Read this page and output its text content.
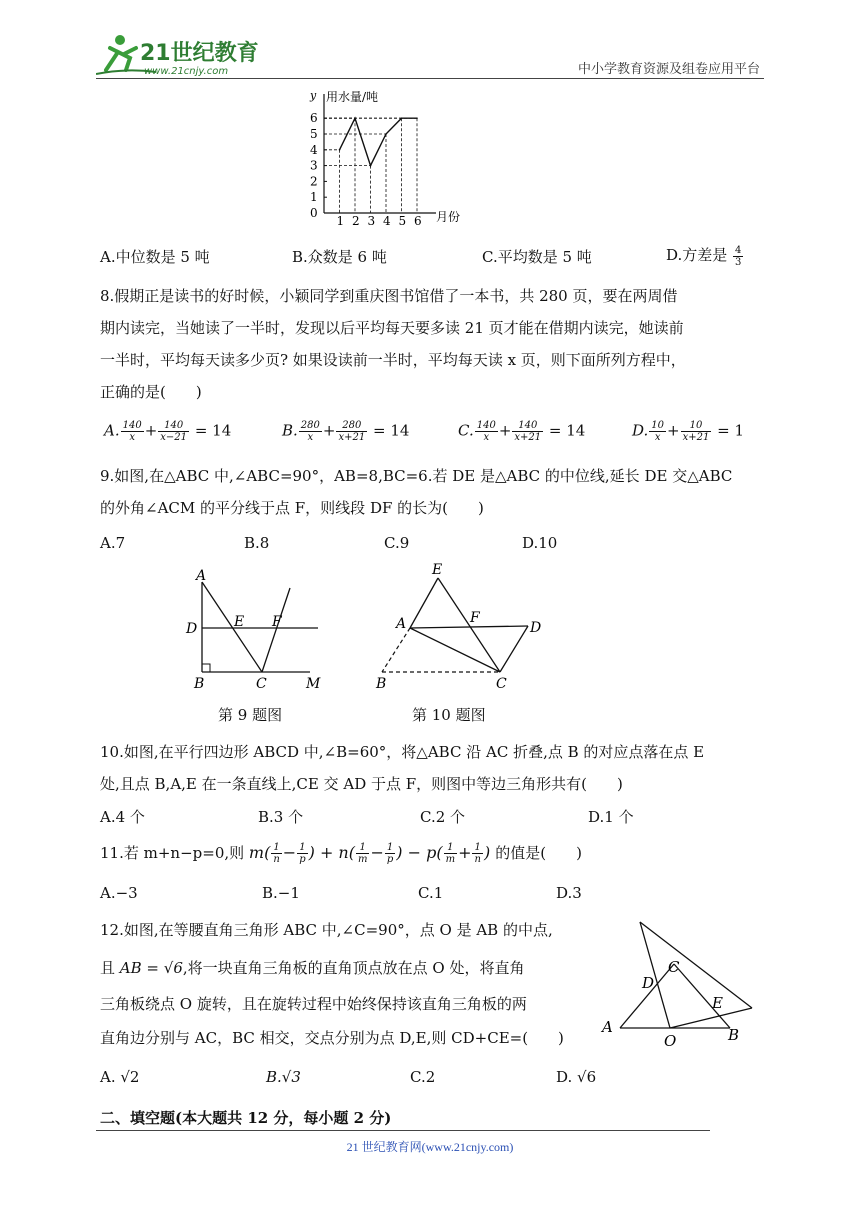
21世纪教育
www.21cnjy.com	中小学教育资源及组卷应用平台
y 用水量/吨
月份
0
1
2
3
4
5
6
1 2 3 4 5 6
A.中位数是 5 吨	B.众数是 6 吨	C.平均数是 5 吨	D.方差是 $\frac{4}{3}$
8.假期正是读书的好时候，小颖同学到重庆图书馆借了一本书，共 280 页，要在两周借
期内读完，当她读了一半时，发现以后平均每天要多读 21 页才能在借期内读完，她读前
一半时，平均每天读多少页? 如果设读前一半时，平均每天读 x 页，则下面所列方程中，
正确的是(　　)
A. $\frac{140}{x} + \frac{140}{x-21} = 14$	B. $\frac{280}{x} + \frac{280}{x+21} = 14$	C. $\frac{140}{x} + \frac{140}{x+21} = 14$	D. $\frac{10}{x} + \frac{10}{x+21} = 1$
9.如图,在△ABC 中,∠ABC=90°，AB=8,BC=6.若 DE 是△ABC 的中位线,延长 DE 交△ABC
的外角∠ACM 的平分线于点 F，则线段 DF 的长为(　　)
A.7	B.8	C.9	D.10
A
D	E F
B	C	M
第 9 题图
E
A	F
D
B	C
第 10 题图
10.如图,在平行四边形 ABCD 中,∠B=60°，将△ABC 沿 AC 折叠,点 B 的对应点落在点 E
处,且点 B,A,E 在一条直线上,CE 交 AD 于点 F，则图中等边三角形共有(　　)
A.4 个	B.3 个	C.2 个	D.1 个
11.若 m+n−p=0,则 $m( \frac{1}{n} - \frac{1}{p}$ ) + $n( \frac{1}{m} - \frac{1}{p}$ ) − $p( \frac{1}{m} + \frac{1}{n}$ ) 的值是(　　)
A.−3	B.−1	C.1	D.3
12.如图,在等腰直角三角形 ABC 中,∠C=90°，点 O 是 AB 的中点,
且 AB = √6,将一块直角三角板的直角顶点放在点 O 处，将直角
三角板绕点 O 旋转，且在旋转过程中始终保持该直角三角板的两
直角边分别与 AC，BC 相交，交点分别为点 D,E,则 CD+CE=(　　)
A. √2	B.√3	C.2	D. √6
C
D
E
A
O	B
二、填空题(本大题共 12 分，每小题 2 分)
21 世纪教育网(www.21cnjy.com)
